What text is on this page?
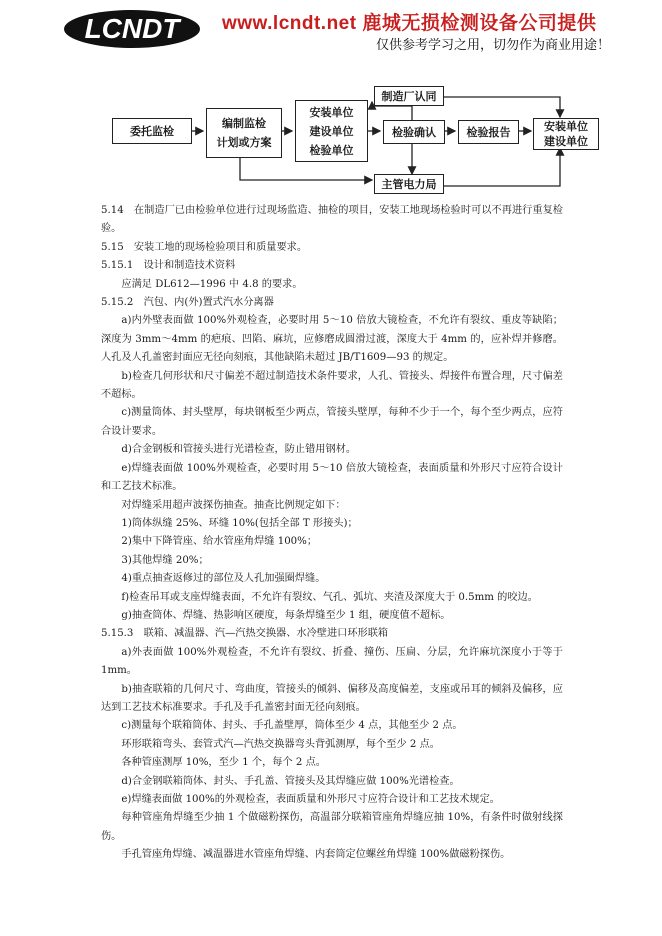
LCNDT www.lcndt.net 鹿城无损检测设备公司提供
仅供参考学习之用，切勿作为商业用途！
委托监检
编制监检
计划或方案
安装单位
建设单位
检验单位
制造厂认同
检验确认	检验报告	安装单位
建设单位
主管电力局

5.14　在制造厂已由检验单位进行过现场监造、抽检的项目，安装工地现场检验时可以不再进行重复检验。

5.15　安装工地的现场检验项目和质量要求。

5.15.1　设计和制造技术资料

应满足 DL612—1996 中 4.8 的要求。

5.15.2　汽包、内(外)置式汽水分离器

a)内外壁表面做 100%外观检查，必要时用 5～10 倍放大镜检查，不允许有裂纹、重皮等缺陷；深度为 3mm～4mm 的疤痕、凹陷、麻坑，应修磨成圆滑过渡，深度大于 4mm 的，应补焊并修磨。人孔及人孔盖密封面应无径向刻痕，其他缺陷未超过 JB/T1609—93 的规定。

b)检查几何形状和尺寸偏差不超过制造技术条件要求，人孔、管接头、焊接件布置合理，尺寸偏差不超标。

c)测量筒体、封头壁厚，每块钢板至少两点，管接头壁厚，每种不少于一个，每个至少两点，应符合设计要求。

d)合金钢板和管接头进行光谱检查，防止错用钢材。

e)焊缝表面做 100%外观检查，必要时用 5～10 倍放大镜检查，表面质量和外形尺寸应符合设计和工艺技术标准。

对焊缝采用超声波探伤抽查。抽查比例规定如下：

1)筒体纵缝 25%、环缝 10%(包括全部 T 形接头)；

2)集中下降管座、给水管座角焊缝 100%；

3)其他焊缝 20%；

4)重点抽查返修过的部位及人孔加强圈焊缝。

f)检查吊耳或支座焊缝表面，不允许有裂纹、气孔、弧坑、夹渣及深度大于 0.5mm 的咬边。

g)抽查筒体、焊缝、热影响区硬度，每条焊缝至少 1 组，硬度值不超标。

5.15.3　联箱、减温器、汽—汽热交换器、水冷壁进口环形联箱

a)外表面做 100%外观检查，不允许有裂纹、折叠、撞伤、压扁、分层，允许麻坑深度小于等于 1mm。

b)抽查联箱的几何尺寸、弯曲度，管接头的倾斜、偏移及高度偏差，支座或吊耳的倾斜及偏移，应达到工艺技术标准要求。手孔及手孔盖密封面无径向刻痕。

c)测量每个联箱筒体、封头、手孔盖壁厚，筒体至少 4 点，其他至少 2 点。

环形联箱弯头、套管式汽—汽热交换器弯头背弧测厚，每个至少 2 点。

各种管座测厚 10%，至少 1 个，每个 2 点。

d)合金钢联箱筒体、封头、手孔盖、管接头及其焊缝应做 100%光谱检查。

e)焊缝表面做 100%的外观检查，表面质量和外形尺寸应符合设计和工艺技术规定。

每种管座角焊缝至少抽 1 个做磁粉探伤，高温部分联箱管座角焊缝应抽 10%，有条件时做射线探伤。

手孔管座角焊缝、减温器进水管座角焊缝、内套筒定位螺丝角焊缝 100%做磁粉探伤。
